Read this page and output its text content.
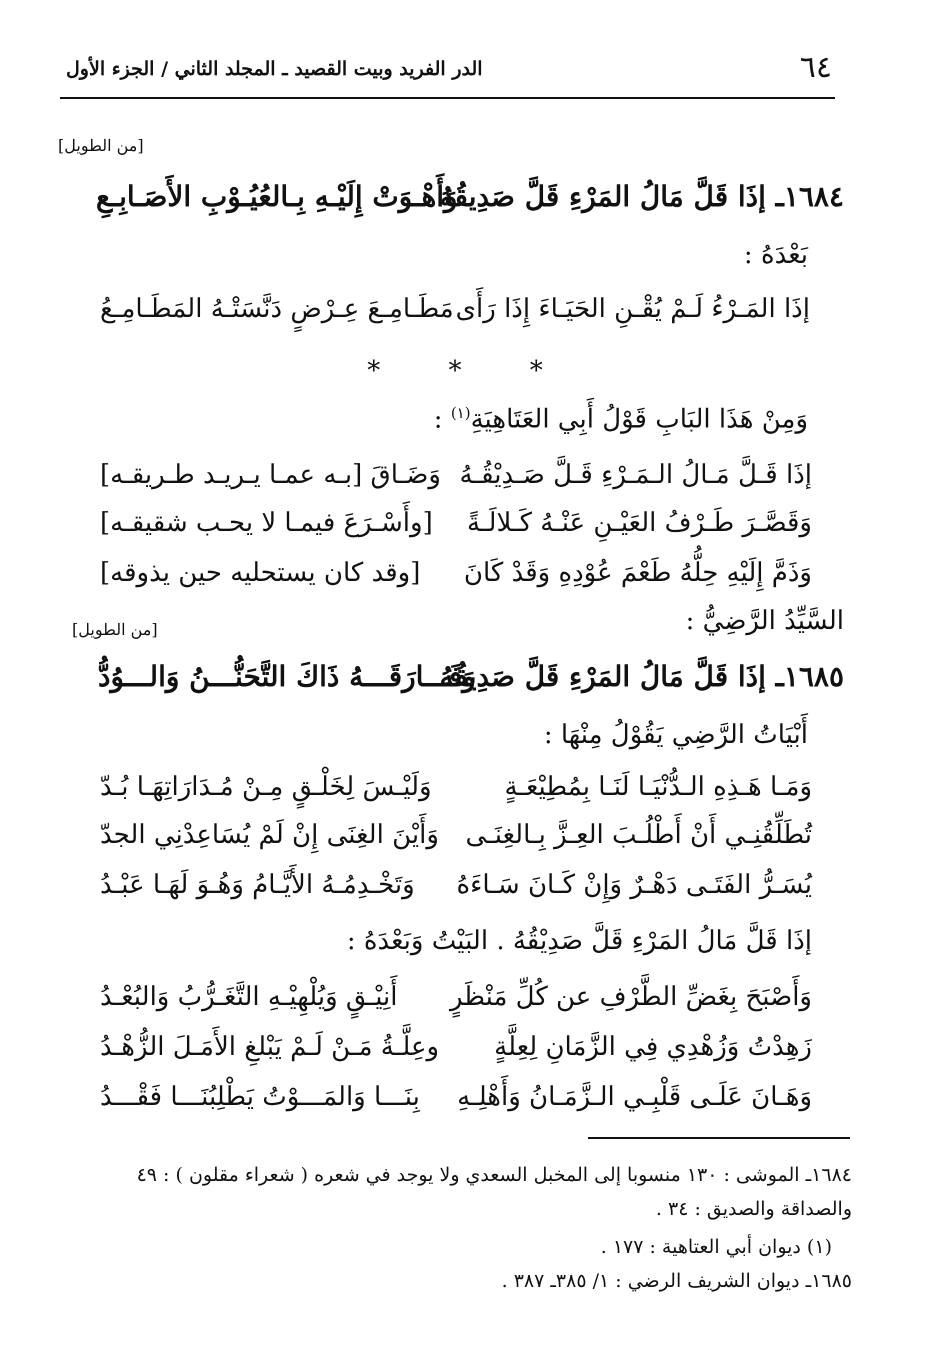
٦٤
الدر الفريد وبيت القصيد ـ المجلد الثاني / الجزء الأول
[من الطويل]
١٦٨٤ـ إذَا قَلَّ مَالُ المَرْءِ قَلَّ صَدِيقُهُ
وَأَهْـوَتْ إِلَيْـهِ بِـالعُيُـوْبِ الأَصَـابِـعِ
بَعْدَهُ :
إذَا المَـرْءُ لَـمْ يُقْـنِ الحَيَـاءَ إِذَا رَأَى
مَطَـامِـعَ عِـرْضٍ دَنَّسَتْـهُ المَطَـامِـعُ
* * *
وَمِنْ هَذَا البَابِ قَوْلُ أَبِي العَتَاهِيَةِ$^{(١)}$ :
إذَا قَـلَّ مَـالُ الـمَـرْءِ قَـلَّ صَـدِيْقُـهُ
وَضَـاقَ [بـه عمـا يـريـد طـريقـه]
وَقَصَّـرَ طَـرْفُ العَيْـنِ عَنْـهُ كَـلالَـةً
[وأَسْـرَعَ فيمـا لا يحـب شقيقـه]
وَذَمَّ إِلَيْهِ حِلُّهُ طَعْمَ عُوْدِهِ وَقَدْ كَانَ
[وقد كان يستحليه حين يذوقه]
السَّيِّدُ الرَّضِيُّ :
[من الطويل]
١٦٨٥ـ إذَا قَلَّ مَالُ المَرْءِ قَلَّ صَدِيقُهُ
وَفَـــارَقَـــهُ ذَاكَ التَّحَنُّـــنُ وَالـــوُدُّ
أَبْيَاتُ الرَّضِي يَقُوْلُ مِنْهَا :
وَمَـا هَـذِهِ الـدُّنْيَـا لَنَـا بِمُطِيْعَـةٍ
وَلَيْـسَ لِخَلْـقٍ مِـنْ مُـدَارَاتِهَـا بُـدّ
تُطَلِّقُنِـي أَنْ أَطْلُـبَ العِـزَّ بِـالغِنَـى
وَأَيْنَ الغِنَى إِنْ لَمْ يُسَاعِدْنِي الجدّ
يُسَـرُّ الفَتَـى دَهْـرٌ وَإِنْ كَـانَ سَـاءَهُ
وَتَخْـدِمُـهُ الأَيَّـامُ وَهُـوَ لَهَـا عَبْـدُ
إذَا قَلَّ مَالُ المَرْءِ قَلَّ صَدِيْقُهُ . البَيْتُ وَبَعْدَهُ :
وَأَصْبَحَ بِغَضِّ الطَّرْفِ عن كُلِّ مَنْظَرٍ
أَنِيْـقٍ وَيُلْهِيْـهِ التَّغَـرُّبُ وَالبُعْـدُ
زَهِدْتُ وَزُهْدِي فِي الزَّمَانِ لِعِلَّةٍ
وعِلَّـةُ مَـنْ لَـمْ يَبْلغِ الأَمَـلَ الزُّهْـدُ
وَهَـانَ عَلَـى قَلْبِـي الـزَّمَـانُ وَأَهْلِـهِ
بِنَـــا وَالمَـــوْتُ يَطْلِبُنَـــا فَقْـــدُ
١٦٨٤ـ الموشى : ١٣٠ منسوبا إلى المخبل السعدي ولا يوجد في شعره ( شعراء مقلون ) : ٤٩
والصداقة والصديق : ٣٤ .
(١) ديوان أبي العتاهية : ١٧٧ .
١٦٨٥ـ ديوان الشريف الرضي : ١/ ٣٨٥ـ ٣٨٧ .
